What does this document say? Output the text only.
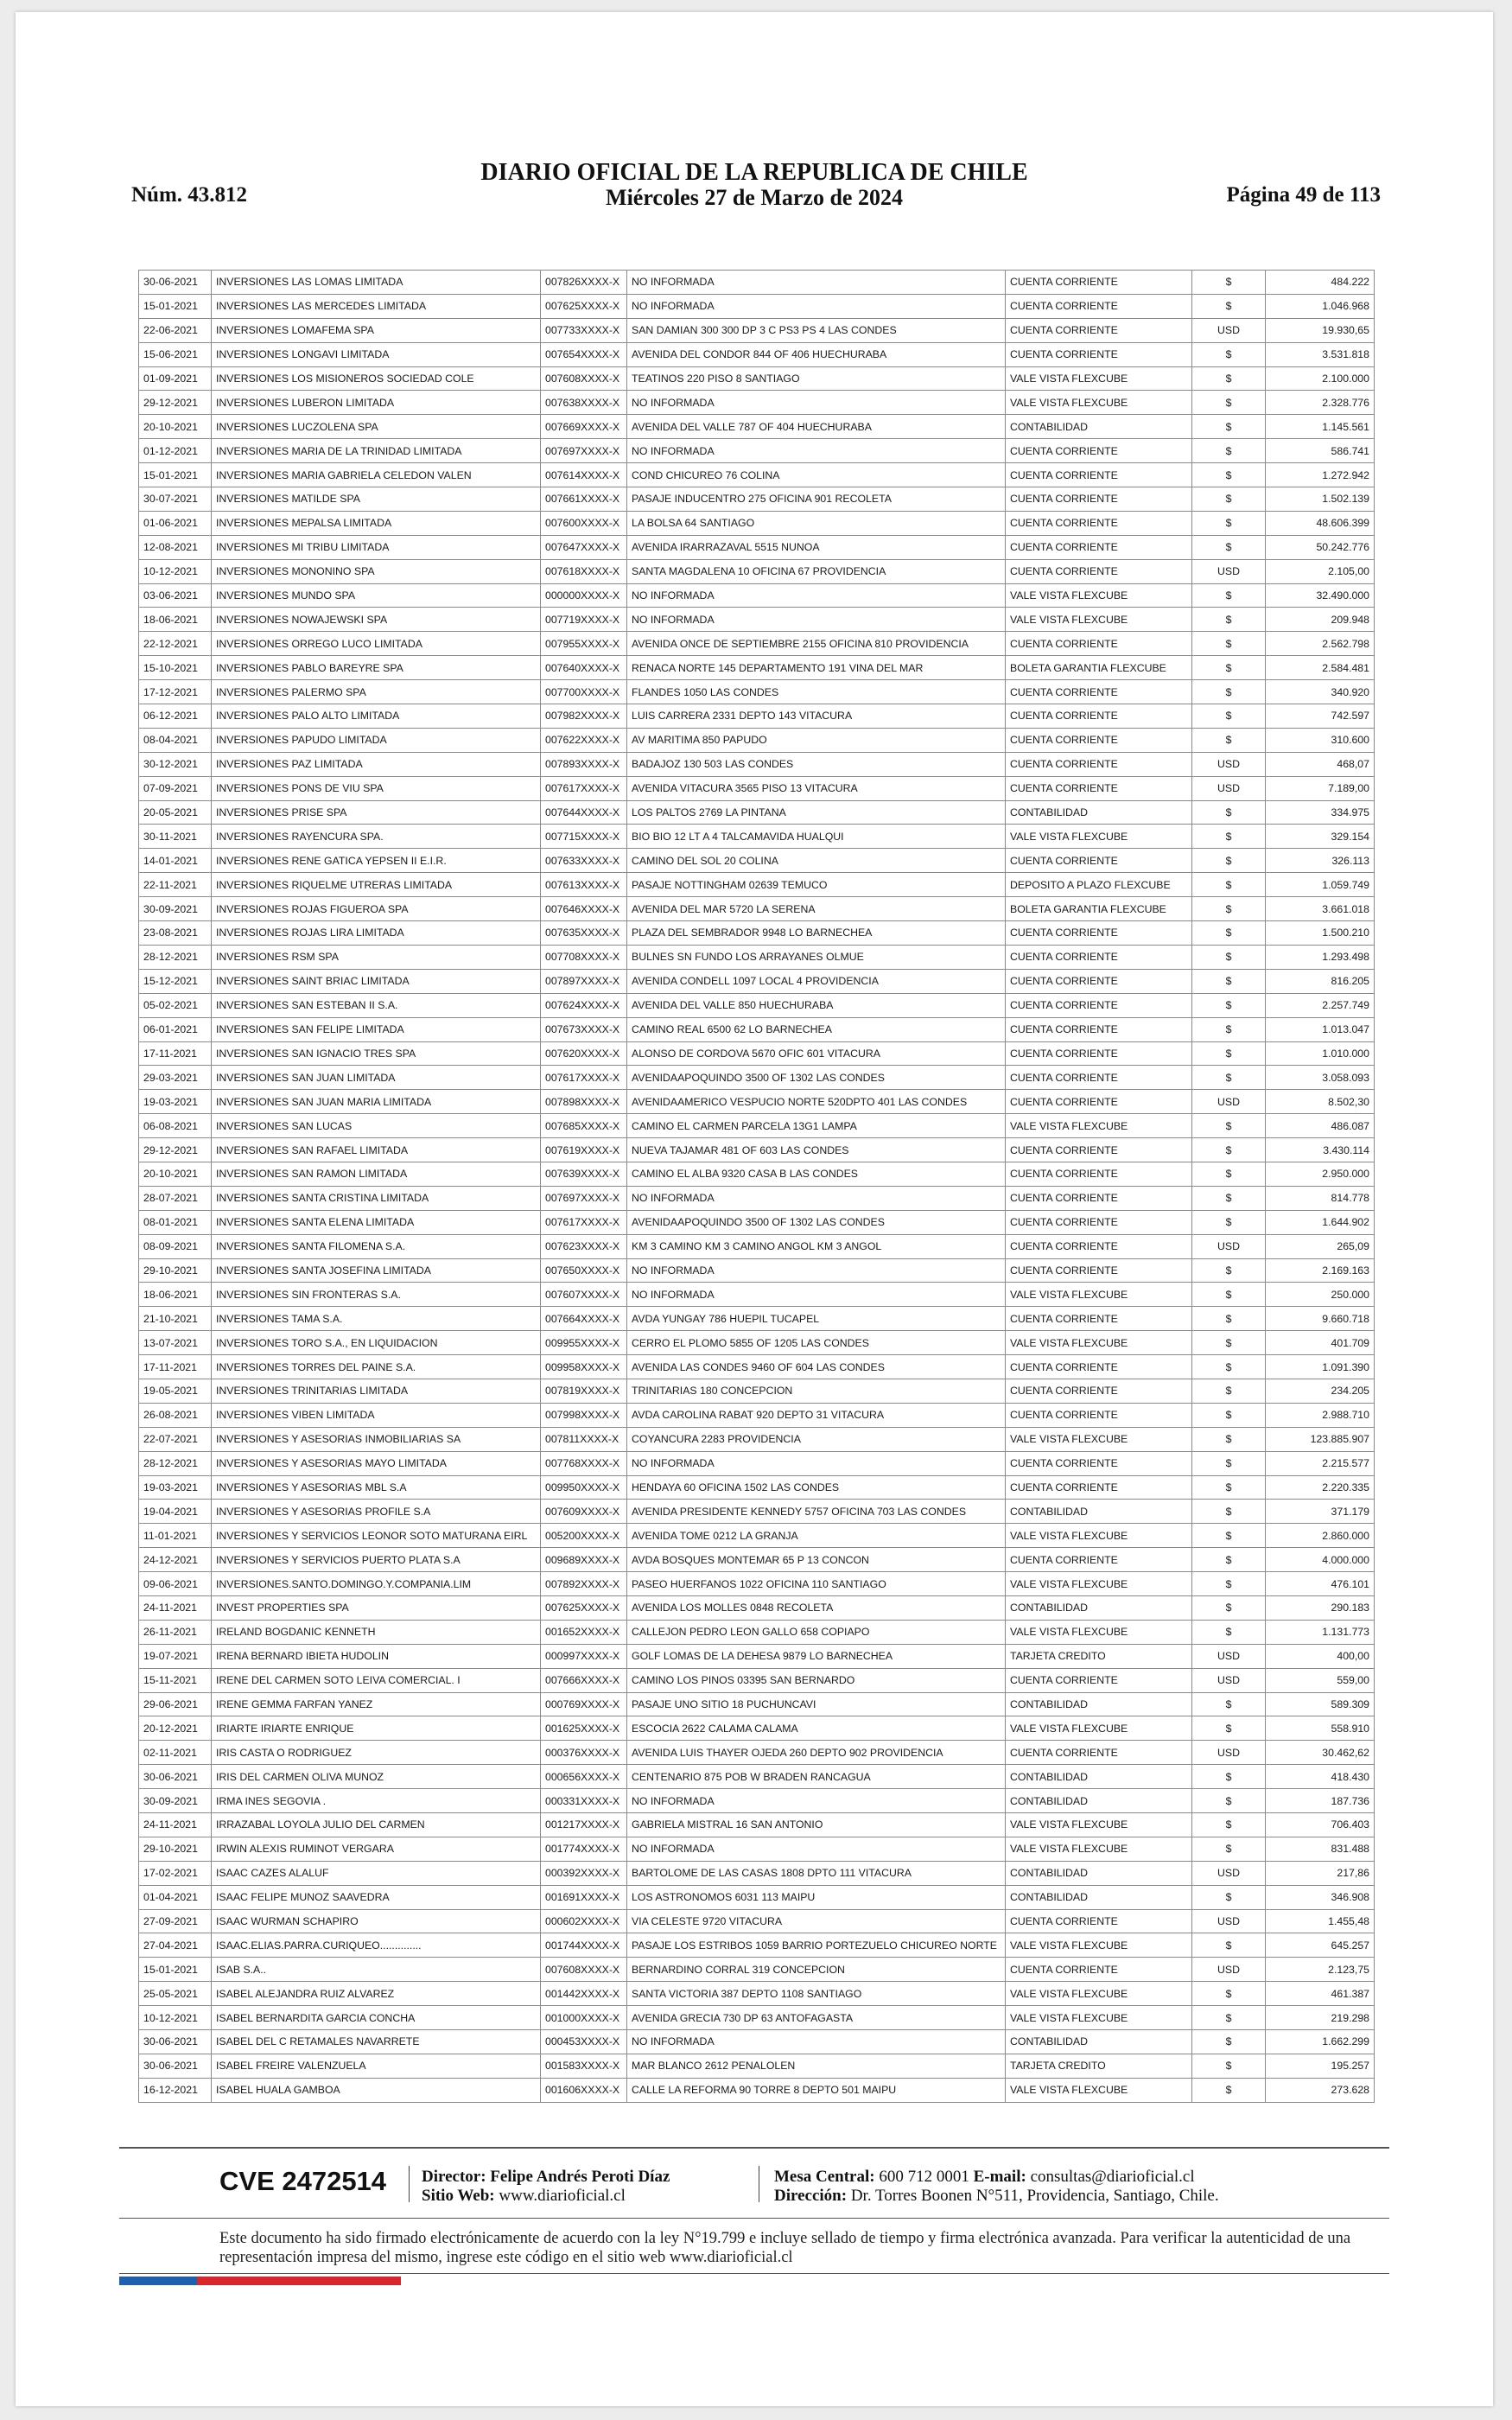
Núm. 43.812
DIARIO OFICIAL DE LA REPUBLICA DE CHILE
Miércoles 27 de Marzo de 2024	Página 49 de 113
30-06-2021	INVERSIONES LAS LOMAS LIMITADA	007826XXXX-X	NO INFORMADA	CUENTA CORRIENTE	$	484.222
15-01-2021	INVERSIONES LAS MERCEDES LIMITADA	007625XXXX-X	NO INFORMADA	CUENTA CORRIENTE	$	1.046.968
22-06-2021	INVERSIONES LOMAFEMA SPA	007733XXXX-X	SAN DAMIAN 300 300 DP 3 C PS3 PS 4 LAS CONDES	CUENTA CORRIENTE	USD	19.930,65
15-06-2021	INVERSIONES LONGAVI LIMITADA	007654XXXX-X	AVENIDA DEL CONDOR 844 OF 406 HUECHURABA	CUENTA CORRIENTE	$	3.531.818
01-09-2021	INVERSIONES LOS MISIONEROS SOCIEDAD COLE	007608XXXX-X	TEATINOS 220 PISO 8 SANTIAGO	VALE VISTA FLEXCUBE	$	2.100.000
29-12-2021	INVERSIONES LUBERON LIMITADA	007638XXXX-X	NO INFORMADA	VALE VISTA FLEXCUBE	$	2.328.776
20-10-2021	INVERSIONES LUCZOLENA SPA	007669XXXX-X	AVENIDA DEL VALLE 787 OF 404 HUECHURABA	CONTABILIDAD	$	1.145.561
01-12-2021	INVERSIONES MARIA DE LA TRINIDAD LIMITADA	007697XXXX-X	NO INFORMADA	CUENTA CORRIENTE	$	586.741
15-01-2021	INVERSIONES MARIA GABRIELA CELEDON VALEN	007614XXXX-X	COND CHICUREO 76 COLINA	CUENTA CORRIENTE	$	1.272.942
30-07-2021	INVERSIONES MATILDE SPA	007661XXXX-X	PASAJE INDUCENTRO 275 OFICINA 901 RECOLETA	CUENTA CORRIENTE	$	1.502.139
01-06-2021	INVERSIONES MEPALSA LIMITADA	007600XXXX-X	LA BOLSA 64 SANTIAGO	CUENTA CORRIENTE	$	48.606.399
12-08-2021	INVERSIONES MI TRIBU LIMITADA	007647XXXX-X	AVENIDA IRARRAZAVAL 5515 NUNOA	CUENTA CORRIENTE	$	50.242.776
10-12-2021	INVERSIONES MONONINO SPA	007618XXXX-X	SANTA MAGDALENA 10 OFICINA 67 PROVIDENCIA	CUENTA CORRIENTE	USD	2.105,00
03-06-2021	INVERSIONES MUNDO SPA	000000XXXX-X	NO INFORMADA	VALE VISTA FLEXCUBE	$	32.490.000
18-06-2021	INVERSIONES NOWAJEWSKI SPA	007719XXXX-X	NO INFORMADA	VALE VISTA FLEXCUBE	$	209.948
22-12-2021	INVERSIONES ORREGO LUCO LIMITADA	007955XXXX-X	AVENIDA ONCE DE SEPTIEMBRE 2155 OFICINA 810 PROVIDENCIA	CUENTA CORRIENTE	$	2.562.798
15-10-2021	INVERSIONES PABLO BAREYRE SPA	007640XXXX-X	RENACA NORTE 145 DEPARTAMENTO 191 VINA DEL MAR	BOLETA GARANTIA FLEXCUBE	$	2.584.481
17-12-2021	INVERSIONES PALERMO SPA	007700XXXX-X	FLANDES 1050 LAS CONDES	CUENTA CORRIENTE	$	340.920
06-12-2021	INVERSIONES PALO ALTO LIMITADA	007982XXXX-X	LUIS CARRERA 2331 DEPTO 143 VITACURA	CUENTA CORRIENTE	$	742.597
08-04-2021	INVERSIONES PAPUDO LIMITADA	007622XXXX-X	AV MARITIMA 850 PAPUDO	CUENTA CORRIENTE	$	310.600
30-12-2021	INVERSIONES PAZ LIMITADA	007893XXXX-X	BADAJOZ 130 503 LAS CONDES	CUENTA CORRIENTE	USD	468,07
07-09-2021	INVERSIONES PONS DE VIU SPA	007617XXXX-X	AVENIDA VITACURA 3565 PISO 13 VITACURA	CUENTA CORRIENTE	USD	7.189,00
20-05-2021	INVERSIONES PRISE SPA	007644XXXX-X	LOS PALTOS 2769 LA PINTANA	CONTABILIDAD	$	334.975
30-11-2021	INVERSIONES RAYENCURA SPA.	007715XXXX-X	BIO BIO 12 LT A 4 TALCAMAVIDA HUALQUI	VALE VISTA FLEXCUBE	$	329.154
14-01-2021	INVERSIONES RENE GATICA YEPSEN II E.I.R.	007633XXXX-X	CAMINO DEL SOL 20 COLINA	CUENTA CORRIENTE	$	326.113
22-11-2021	INVERSIONES RIQUELME UTRERAS LIMITADA	007613XXXX-X	PASAJE NOTTINGHAM 02639 TEMUCO	DEPOSITO A PLAZO FLEXCUBE	$	1.059.749
30-09-2021	INVERSIONES ROJAS FIGUEROA SPA	007646XXXX-X	AVENIDA DEL MAR 5720 LA SERENA	BOLETA GARANTIA FLEXCUBE	$	3.661.018
23-08-2021	INVERSIONES ROJAS LIRA LIMITADA	007635XXXX-X	PLAZA DEL SEMBRADOR 9948 LO BARNECHEA	CUENTA CORRIENTE	$	1.500.210
28-12-2021	INVERSIONES RSM SPA	007708XXXX-X	BULNES SN FUNDO LOS ARRAYANES OLMUE	CUENTA CORRIENTE	$	1.293.498
15-12-2021	INVERSIONES SAINT BRIAC LIMITADA	007897XXXX-X	AVENIDA CONDELL 1097 LOCAL 4 PROVIDENCIA	CUENTA CORRIENTE	$	816.205
05-02-2021	INVERSIONES SAN ESTEBAN II S.A.	007624XXXX-X	AVENIDA DEL VALLE 850 HUECHURABA	CUENTA CORRIENTE	$	2.257.749
06-01-2021	INVERSIONES SAN FELIPE LIMITADA	007673XXXX-X	CAMINO REAL 6500 62 LO BARNECHEA	CUENTA CORRIENTE	$	1.013.047
17-11-2021	INVERSIONES SAN IGNACIO TRES SPA	007620XXXX-X	ALONSO DE CORDOVA 5670 OFIC 601 VITACURA	CUENTA CORRIENTE	$	1.010.000
29-03-2021	INVERSIONES SAN JUAN LIMITADA	007617XXXX-X	AVENIDAAPOQUINDO 3500 OF 1302 LAS CONDES	CUENTA CORRIENTE	$	3.058.093
19-03-2021	INVERSIONES SAN JUAN MARIA LIMITADA	007898XXXX-X	AVENIDAAMERICO VESPUCIO NORTE 520DPTO 401 LAS CONDES	CUENTA CORRIENTE	USD	8.502,30
06-08-2021	INVERSIONES SAN LUCAS	007685XXXX-X	CAMINO EL CARMEN PARCELA 13G1 LAMPA	VALE VISTA FLEXCUBE	$	486.087
29-12-2021	INVERSIONES SAN RAFAEL LIMITADA	007619XXXX-X	NUEVA TAJAMAR 481 OF 603 LAS CONDES	CUENTA CORRIENTE	$	3.430.114
20-10-2021	INVERSIONES SAN RAMON LIMITADA	007639XXXX-X	CAMINO EL ALBA 9320 CASA B LAS CONDES	CUENTA CORRIENTE	$	2.950.000
28-07-2021	INVERSIONES SANTA CRISTINA LIMITADA	007697XXXX-X	NO INFORMADA	CUENTA CORRIENTE	$	814.778
08-01-2021	INVERSIONES SANTA ELENA LIMITADA	007617XXXX-X	AVENIDAAPOQUINDO 3500 OF 1302 LAS CONDES	CUENTA CORRIENTE	$	1.644.902
08-09-2021	INVERSIONES SANTA FILOMENA S.A.	007623XXXX-X	KM 3 CAMINO KM 3 CAMINO ANGOL KM 3 ANGOL	CUENTA CORRIENTE	USD	265,09
29-10-2021	INVERSIONES SANTA JOSEFINA LIMITADA	007650XXXX-X	NO INFORMADA	CUENTA CORRIENTE	$	2.169.163
18-06-2021	INVERSIONES SIN FRONTERAS S.A.	007607XXXX-X	NO INFORMADA	VALE VISTA FLEXCUBE	$	250.000
21-10-2021	INVERSIONES TAMA S.A.	007664XXXX-X	AVDA YUNGAY 786 HUEPIL TUCAPEL	CUENTA CORRIENTE	$	9.660.718
13-07-2021	INVERSIONES TORO S.A., EN LIQUIDACION	009955XXXX-X	CERRO EL PLOMO 5855 OF 1205 LAS CONDES	VALE VISTA FLEXCUBE	$	401.709
17-11-2021	INVERSIONES TORRES DEL PAINE S.A.	009958XXXX-X	AVENIDA LAS CONDES 9460 OF 604 LAS CONDES	CUENTA CORRIENTE	$	1.091.390
19-05-2021	INVERSIONES TRINITARIAS LIMITADA	007819XXXX-X	TRINITARIAS 180 CONCEPCION	CUENTA CORRIENTE	$	234.205
26-08-2021	INVERSIONES VIBEN LIMITADA	007998XXXX-X	AVDA CAROLINA RABAT 920 DEPTO 31 VITACURA	CUENTA CORRIENTE	$	2.988.710
22-07-2021	INVERSIONES Y ASESORIAS INMOBILIARIAS SA	007811XXXX-X	COYANCURA 2283 PROVIDENCIA	VALE VISTA FLEXCUBE	$	123.885.907
28-12-2021	INVERSIONES Y ASESORIAS MAYO LIMITADA	007768XXXX-X	NO INFORMADA	CUENTA CORRIENTE	$	2.215.577
19-03-2021	INVERSIONES Y ASESORIAS MBL S.A	009950XXXX-X	HENDAYA 60 OFICINA 1502 LAS CONDES	CUENTA CORRIENTE	$	2.220.335
19-04-2021	INVERSIONES Y ASESORIAS PROFILE S.A	007609XXXX-X	AVENIDA PRESIDENTE KENNEDY 5757 OFICINA 703 LAS CONDES	CONTABILIDAD	$	371.179
11-01-2021	INVERSIONES Y SERVICIOS LEONOR SOTO MATURANA EIRL	005200XXXX-X	AVENIDA TOME 0212 LA GRANJA	VALE VISTA FLEXCUBE	$	2.860.000
24-12-2021	INVERSIONES Y SERVICIOS PUERTO PLATA S.A	009689XXXX-X	AVDA BOSQUES MONTEMAR 65 P 13 CONCON	CUENTA CORRIENTE	$	4.000.000
09-06-2021	INVERSIONES.SANTO.DOMINGO.Y.COMPANIA.LIM	007892XXXX-X	PASEO HUERFANOS 1022 OFICINA 110 SANTIAGO	VALE VISTA FLEXCUBE	$	476.101
24-11-2021	INVEST PROPERTIES SPA	007625XXXX-X	AVENIDA LOS MOLLES 0848 RECOLETA	CONTABILIDAD	$	290.183
26-11-2021	IRELAND BOGDANIC KENNETH	001652XXXX-X	CALLEJON PEDRO LEON GALLO 658 COPIAPO	VALE VISTA FLEXCUBE	$	1.131.773
19-07-2021	IRENA BERNARD IBIETA HUDOLIN	000997XXXX-X	GOLF LOMAS DE LA DEHESA 9879 LO BARNECHEA	TARJETA CREDITO	USD	400,00
15-11-2021	IRENE DEL CARMEN SOTO LEIVA COMERCIAL. I	007666XXXX-X	CAMINO LOS PINOS 03395 SAN BERNARDO	CUENTA CORRIENTE	USD	559,00
29-06-2021	IRENE GEMMA FARFAN YANEZ	000769XXXX-X	PASAJE UNO SITIO 18 PUCHUNCAVI	CONTABILIDAD	$	589.309
20-12-2021	IRIARTE IRIARTE ENRIQUE	001625XXXX-X	ESCOCIA 2622 CALAMA CALAMA	VALE VISTA FLEXCUBE	$	558.910
02-11-2021	IRIS CASTA O RODRIGUEZ	000376XXXX-X	AVENIDA LUIS THAYER OJEDA 260 DEPTO 902 PROVIDENCIA	CUENTA CORRIENTE	USD	30.462,62
30-06-2021	IRIS DEL CARMEN OLIVA MUNOZ	000656XXXX-X	CENTENARIO 875 POB W BRADEN RANCAGUA	CONTABILIDAD	$	418.430
30-09-2021	IRMA INES SEGOVIA .	000331XXXX-X	NO INFORMADA	CONTABILIDAD	$	187.736
24-11-2021	IRRAZABAL LOYOLA JULIO DEL CARMEN	001217XXXX-X	GABRIELA MISTRAL 16 SAN ANTONIO	VALE VISTA FLEXCUBE	$	706.403
29-10-2021	IRWIN ALEXIS RUMINOT VERGARA	001774XXXX-X	NO INFORMADA	VALE VISTA FLEXCUBE	$	831.488
17-02-2021	ISAAC CAZES ALALUF	000392XXXX-X	BARTOLOME DE LAS CASAS 1808 DPTO 111 VITACURA	CONTABILIDAD	USD	217,86
01-04-2021	ISAAC FELIPE MUNOZ SAAVEDRA	001691XXXX-X	LOS ASTRONOMOS 6031 113 MAIPU	CONTABILIDAD	$	346.908
27-09-2021	ISAAC WURMAN SCHAPIRO	000602XXXX-X	VIA CELESTE 9720 VITACURA	CUENTA CORRIENTE	USD	1.455,48
27-04-2021	ISAAC.ELIAS.PARRA.CURIQUEO..............	001744XXXX-X	PASAJE LOS ESTRIBOS 1059 BARRIO PORTEZUELO CHICUREO NORTE	VALE VISTA FLEXCUBE	$	645.257
15-01-2021	ISAB S.A..	007608XXXX-X	BERNARDINO CORRAL 319 CONCEPCION	CUENTA CORRIENTE	USD	2.123,75
25-05-2021	ISABEL ALEJANDRA RUIZ ALVAREZ	001442XXXX-X	SANTA VICTORIA 387 DEPTO 1108 SANTIAGO	VALE VISTA FLEXCUBE	$	461.387
10-12-2021	ISABEL BERNARDITA GARCIA CONCHA	001000XXXX-X	AVENIDA GRECIA 730 DP 63 ANTOFAGASTA	VALE VISTA FLEXCUBE	$	219.298
30-06-2021	ISABEL DEL C RETAMALES NAVARRETE	000453XXXX-X	NO INFORMADA	CONTABILIDAD	$	1.662.299
30-06-2021	ISABEL FREIRE VALENZUELA	001583XXXX-X	MAR BLANCO 2612 PENALOLEN	TARJETA CREDITO	$	195.257
16-12-2021	ISABEL HUALA GAMBOA	001606XXXX-X	CALLE LA REFORMA 90 TORRE 8 DEPTO 501 MAIPU	VALE VISTA FLEXCUBE	$	273.628
CVE 2472514 Director: Felipe Andrés Peroti Díaz
Sitio Web: www.diarioficial.cl
Mesa Central: 600 712 0001 E-mail: consultas@diarioficial.cl
Dirección: Dr. Torres Boonen N°511, Providencia, Santiago, Chile.
Este documento ha sido firmado electrónicamente de acuerdo con la ley N°19.799 e incluye sellado de tiempo y firma electrónica avanzada. Para verificar la autenticidad de una representación impresa del mismo, ingrese este código en el sitio web www.diarioficial.cl
